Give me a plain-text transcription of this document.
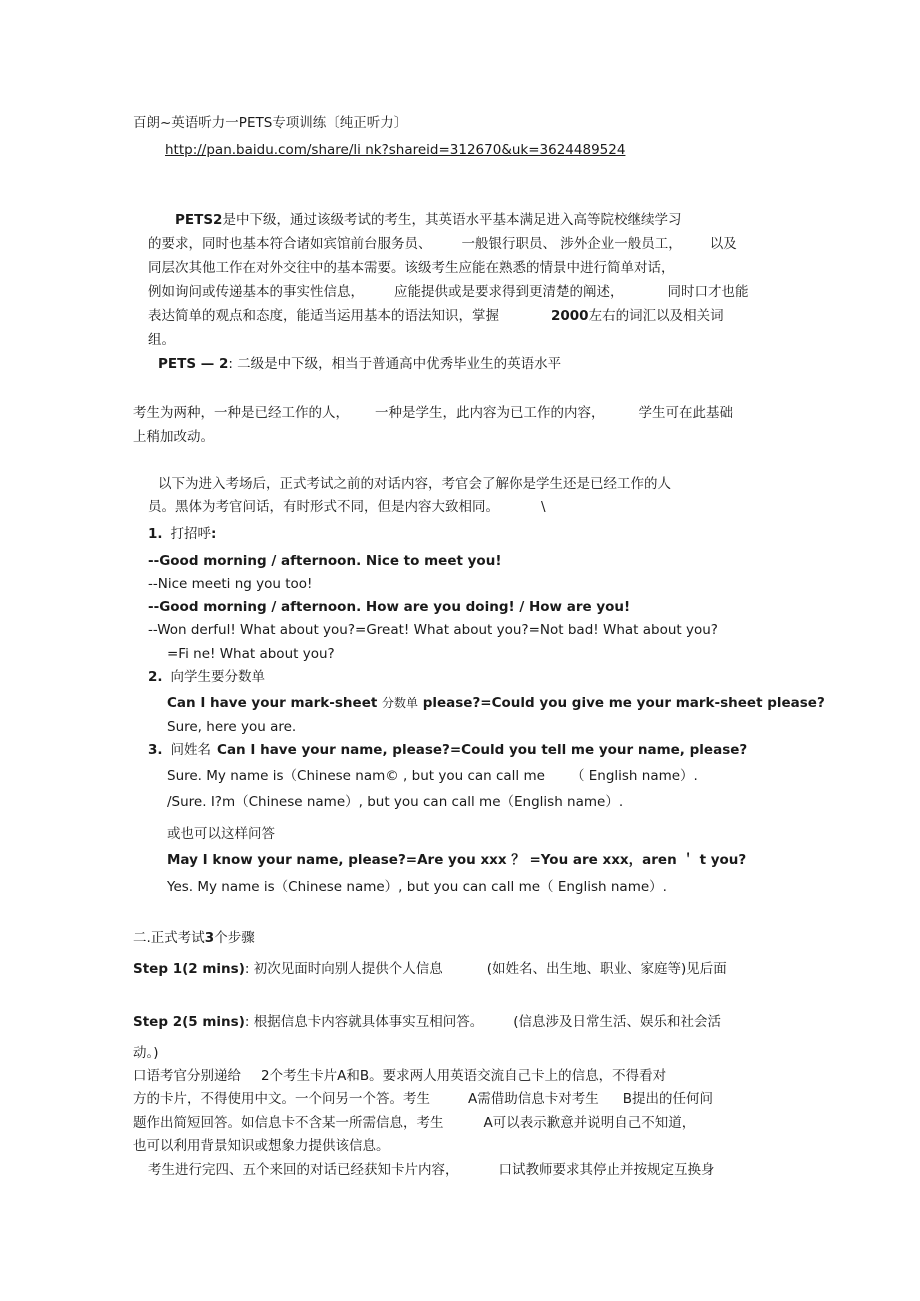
百朗~英语听力一PETS专项训练〔纯正听力〕
http://pan.baidu.com/share/li nk?shareid=312670&uk=3624489524
PETS2是中下级，通过该级考试的考生，其英语水平基本满足进入高等院校继续学习
的要求，同时也基本符合诸如宾馆前台服务员、 一般银行职员、 涉外企业一般员工， 以及
同层次其他工作在对外交往中的基本需要。该级考生应能在熟悉的情景中进行简单对话，
例如询问或传递基本的事实性信息， 应能提供或是要求得到更清楚的阐述，	同时口才也能
表达简单的观点和态度，能适当运用基本的语法知识，掌握	2000左右的词汇以及相关词
组。
PETS — 2: 二级是中下级，相当于普通高中优秀毕业生的英语水平
考生为两种，一种是已经工作的人， 一种是学生，此内容为已工作的内容，	学生可在此基础
上稍加改动。
以下为进入考场后，正式考试之前的对话内容，考官会了解你是学生还是已经工作的人
员。黑体为考官问话，有时形式不同，但是内容大致相同。	\
1. 打招呼:
--Good morning / afternoon. Nice to meet you!
--Nice meeti ng you too!
--Good morning / afternoon. How are you doing! / How are you!
--Won derful! What about you?=Great! What about you?=Not bad! What about you?
=Fi ne! What about you?
2. 向学生要分数单
Can I have your mark-sheet 分数单 please?=Could you give me your mark-sheet please?
Sure, here you are.
3. 问姓名 Can I have your name, please?=Could you tell me your name, please?
Sure. My name is（Chinese nam© , but you can call me （ English name）.
/Sure. I?m（Chinese name）, but you can call me（English name）.
或也可以这样问答
May I know your name, please?=Are you xxx ？ =You are xxx，aren ＇ t you?
Yes. My name is（Chinese name）, but you can call me（ English name）.
二.正式考试3个步骤
Step 1(2 mins): 初次见面时向别人提供个人信息	(如姓名、出生地、职业、家庭等)见后面
Step 2(5 mins): 根据信息卡内容就具体事实互相问答。 (信息涉及日常生活、娱乐和社会活
动。)
口语考官分别递给 2个考生卡片A和B。要求两人用英语交流自己卡上的信息，不得看对
方的卡片，不得使用中文。一个问另一个答。考生	A需借助信息卡对考生 B提出的任何问
题作出简短回答。如信息卡不含某一所需信息，考生	A可以表示歉意并说明自己不知道，
也可以利用背景知识或想象力提供该信息。
考生进行完四、五个来回的对话已经获知卡片内容，	口试教师要求其停止并按规定互换身
